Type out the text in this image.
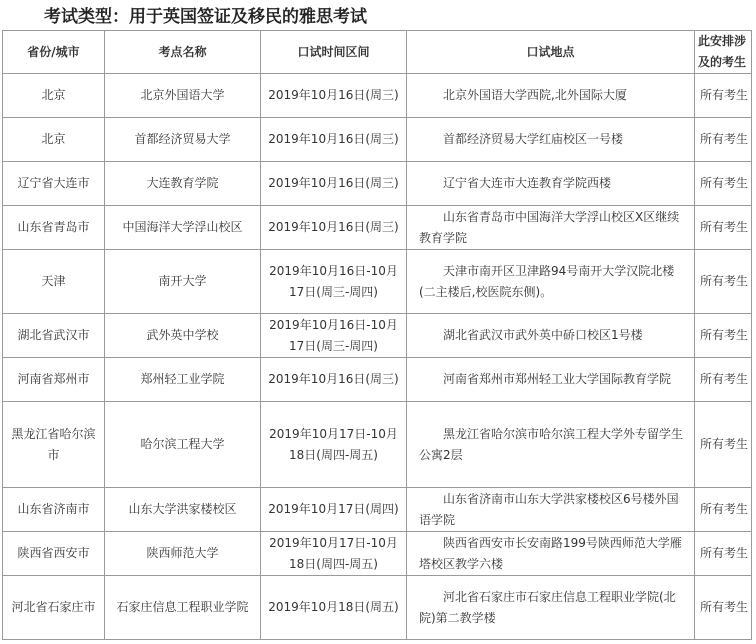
考试类型：用于英国签证及移民的雅思考试
省份/城市	考点名称	口试时间区间	口试地点	此安排涉及的考生
北京	北京外国语大学	2019年10月16日(周三)	北京外国语大学西院,北外国际大厦	所有考生
北京	首都经济贸易大学	2019年10月16日(周三)	首都经济贸易大学红庙校区一号楼	所有考生
辽宁省大连市	大连教育学院	2019年10月16日(周三)	辽宁省大连市大连教育学院西楼	所有考生
山东省青岛市	中国海洋大学浮山校区	2019年10月16日(周三)	山东省青岛市中国海洋大学浮山校区X区继续教育学院	所有考生
天津	南开大学	2019年10月16日-10月17日(周三-周四)	天津市南开区卫津路94号南开大学汉院北楼(二主楼后,校医院东侧)。	所有考生
湖北省武汉市	武外英中学校	2019年10月16日-10月17日(周三-周四)	湖北省武汉市武外英中硚口校区1号楼	所有考生
河南省郑州市	郑州轻工业学院	2019年10月16日(周三)	河南省郑州市郑州轻工业大学国际教育学院	所有考生
黑龙江省哈尔滨市	哈尔滨工程大学	2019年10月17日-10月18日(周四-周五)	黑龙江省哈尔滨市哈尔滨工程大学外专留学生公寓2层	所有考生
山东省济南市	山东大学洪家楼校区	2019年10月17日(周四)	山东省济南市山东大学洪家楼校区6号楼外国语学院	所有考生
陕西省西安市	陕西师范大学	2019年10月17日-10月18日(周四-周五)	陕西省西安市长安南路199号陕西师范大学雁塔校区教学六楼	所有考生
河北省石家庄市	石家庄信息工程职业学院	2019年10月18日(周五)	河北省石家庄市石家庄信息工程职业学院(北院)第二教学楼	所有考生
